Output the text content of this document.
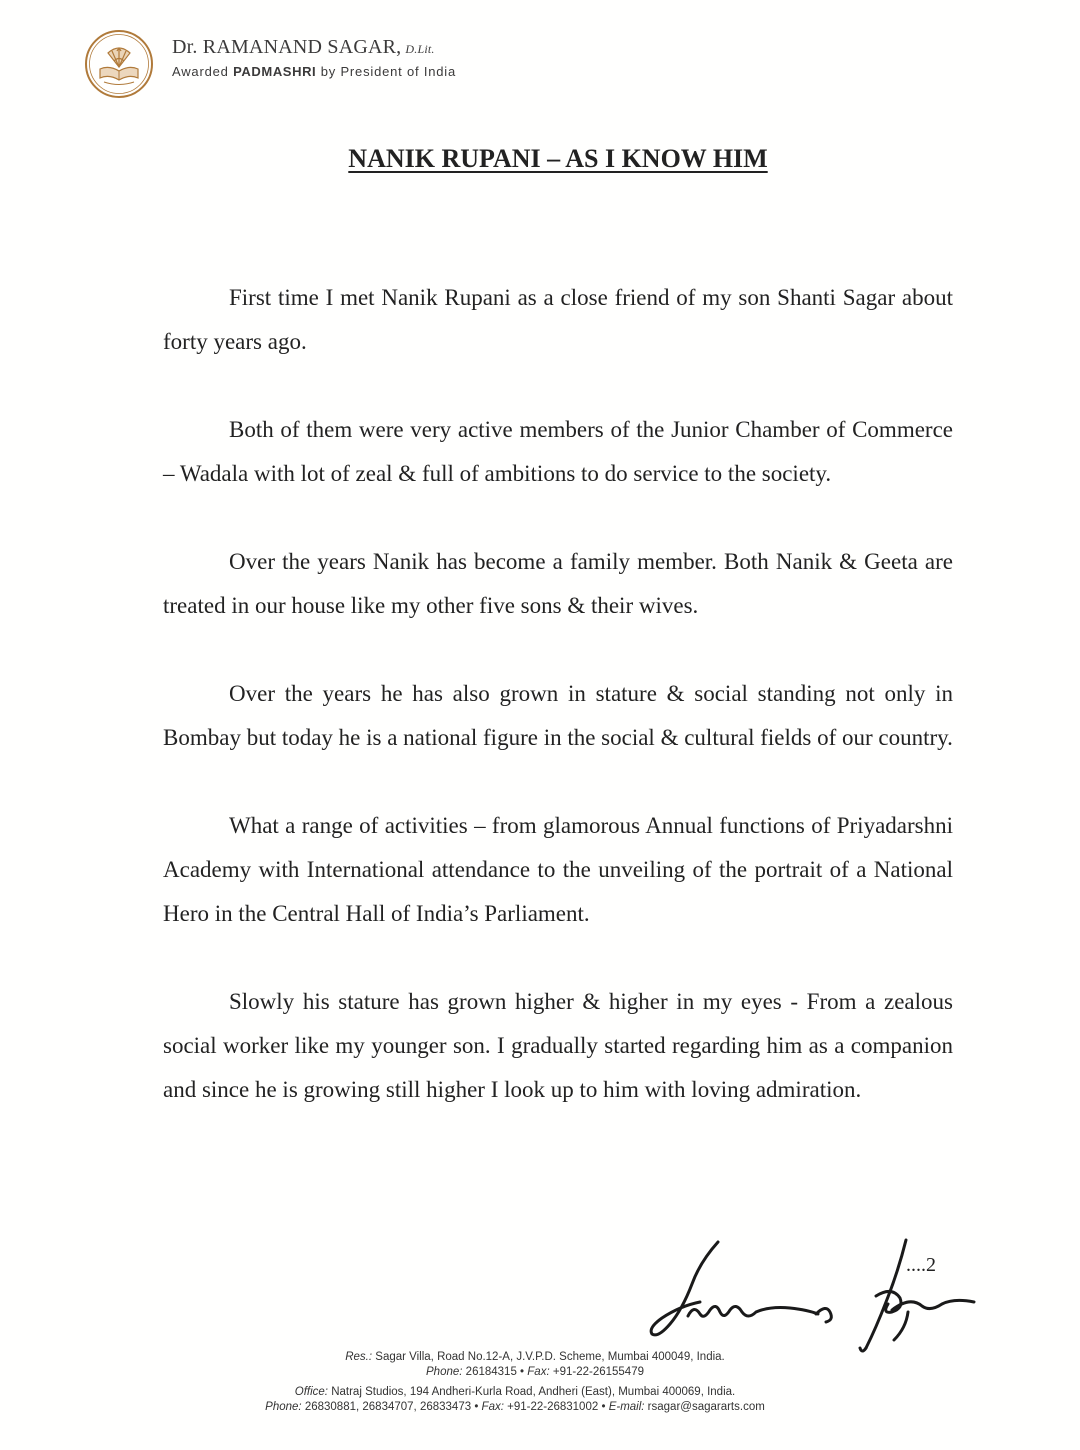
Dr. RAMANAND SAGAR, D.Lit.
Awarded PADMASHRI by President of India
NANIK RUPANI – AS I KNOW HIM

First time I met Nanik Rupani as a close friend of my son Shanti Sagar about forty years ago.

Both of them were very active members of the Junior Chamber of Commerce – Wadala with lot of zeal & full of ambitions to do service to the society.

Over the years Nanik has become a family member. Both Nanik & Geeta are treated in our house like my other five sons & their wives.

Over the years he has also grown in stature & social standing not only in Bombay but today he is a national figure in the social & cultural fields of our country.

What a range of activities – from glamorous Annual functions of Priyadarshni Academy with International attendance to the unveiling of the portrait of a National Hero in the Central Hall of India’s Parliament.

Slowly his stature has grown higher & higher in my eyes - From a zealous social worker like my younger son. I gradually started regarding him as a companion and since he is growing still higher I look up to him with loving admiration.

....2
Res.: Sagar Villa, Road No.12-A, J.V.P.D. Scheme, Mumbai 400049, India.
Phone: 26184315 • Fax: +91-22-26155479
Office: Natraj Studios, 194 Andheri-Kurla Road, Andheri (East), Mumbai 400069, India.
Phone: 26830881, 26834707, 26833473 • Fax: +91-22-26831002 • E-mail: rsagar@sagararts.com
